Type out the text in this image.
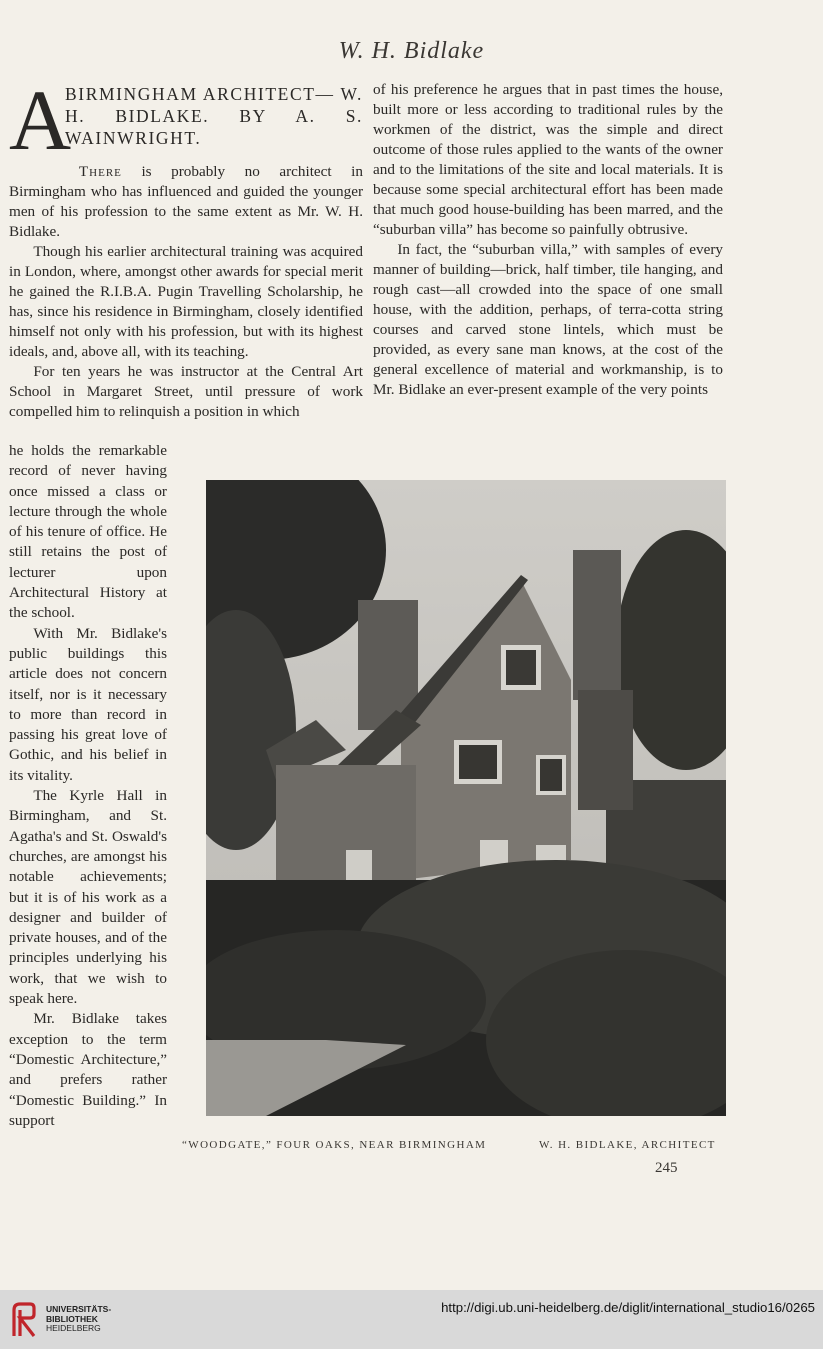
W. H. Bidlake
A
BIRMINGHAM ARCHITECT— W. H. BIDLAKE. BY A. S. WAINWRIGHT.

There is probably no architect in Birmingham who has influenced and guided the younger men of his profession to the same extent as Mr. W. H. Bidlake.

Though his earlier architectural training was acquired in London, where, amongst other awards for special merit he gained the R.I.B.A. Pugin Travelling Scholarship, he has, since his residence in Birmingham, closely identified himself not only with his profession, but with its highest ideals, and, above all, with its teaching.

For ten years he was instructor at the Central Art School in Margaret Street, until pressure of work compelled him to relinquish a position in which

he holds the remarkable record of never having once missed a class or lecture through the whole of his tenure of office. He still retains the post of lecturer upon Architectural History at the school.

With Mr. Bidlake's public buildings this article does not concern itself, nor is it necessary to more than record in passing his great love of Gothic, and his belief in its vitality.

The Kyrle Hall in Birmingham, and St. Agatha's and St. Oswald's churches, are amongst his notable achievements; but it is of his work as a designer and builder of private houses, and of the principles underlying his work, that we wish to speak here.

Mr. Bidlake takes exception to the term “Domestic Architecture,” and prefers rather “Domestic Building.” In support

of his preference he argues that in past times the house, built more or less according to traditional rules by the workmen of the district, was the simple and direct outcome of those rules applied to the wants of the owner and to the limitations of the site and local materials. It is because some special architectural effort has been made that much good house-building has been marred, and the “suburban villa” has become so painfully obtrusive.

In fact, the “suburban villa,” with samples of every manner of building—brick, half timber, tile hanging, and rough cast—all crowded into the space of one small house, with the addition, perhaps, of terra-cotta string courses and carved stone lintels, which must be provided, as every sane man knows, at the cost of the general excellence of material and workmanship, is to Mr. Bidlake an ever-present example of the very points

“WOODGATE,” FOUR OAKS, NEAR BIRMINGHAM	W. H. BIDLAKE, ARCHITECT
245
UNIVERSITÄTS-
BIBLIOTHEK
HEIDELBERG
http://digi.ub.uni-heidelberg.de/diglit/international_studio16/0265
